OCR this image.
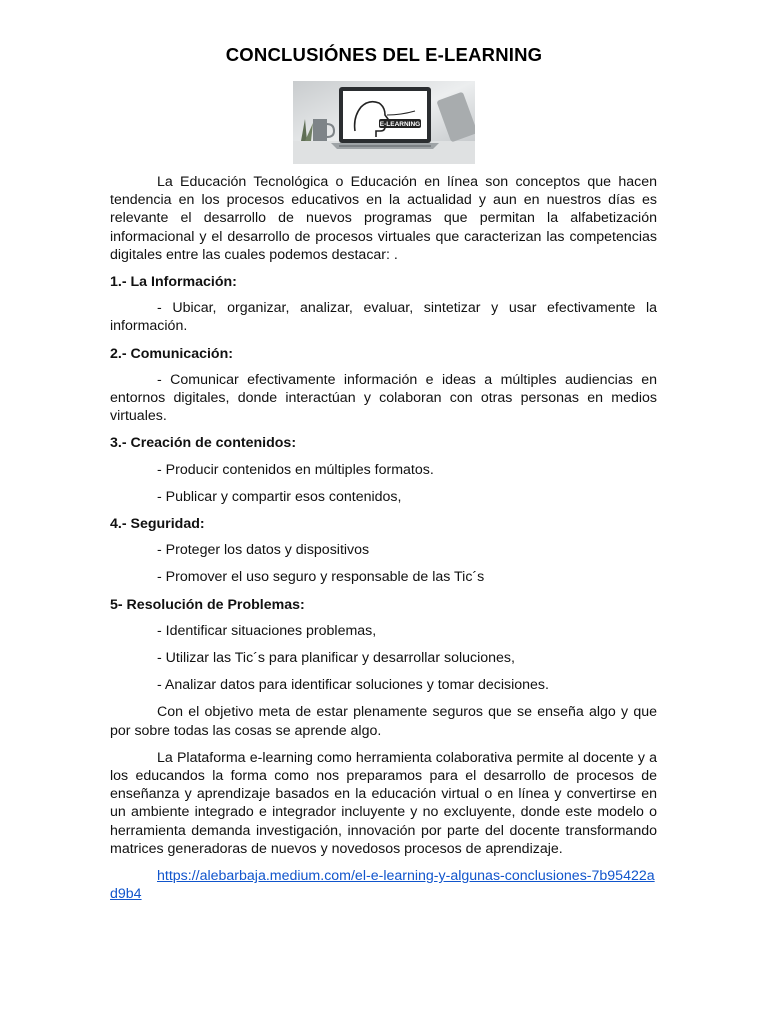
CONCLUSIÓNES DEL E-LEARNING
E-LEARNING

La Educación Tecnológica o Educación en línea son conceptos que hacen tendencia en los procesos educativos en la actualidad y aun en nuestros días es relevante el desarrollo de nuevos programas que permitan la alfabetización informacional y el desarrollo de procesos virtuales que caracterizan las competencias digitales entre las cuales podemos destacar: .

1.- La Información:

- Ubicar, organizar, analizar, evaluar, sintetizar y usar efectivamente la información.

2.- Comunicación:

- Comunicar efectivamente información e ideas a múltiples audiencias en entornos digitales, donde interactúan y colaboran con otras personas en medios virtuales.

3.- Creación de contenidos:

- Producir contenidos en múltiples formatos.

- Publicar y compartir esos contenidos,

4.- Seguridad:

- Proteger los datos y dispositivos

- Promover el uso seguro y responsable de las Tic´s

5- Resolución de Problemas:

- Identificar situaciones problemas,

- Utilizar las Tic´s para planificar y desarrollar soluciones,

- Analizar datos para identificar soluciones y tomar decisiones.

Con el objetivo meta de estar plenamente seguros que se enseña algo y que por sobre todas las cosas se aprende algo.

La Plataforma e-learning como herramienta colaborativa permite al docente y a los educandos la forma como nos preparamos para el desarrollo de procesos de enseñanza y aprendizaje basados en la educación virtual o en línea y convertirse en un ambiente integrado e integrador incluyente y no excluyente, donde este modelo o herramienta demanda investigación, innovación por parte del docente transformando matrices generadoras de nuevos y novedosos procesos de aprendizaje.

https://alebarbaja.medium.com/el-e-learning-y-algunas-conclusiones-7b95422ad9b4
